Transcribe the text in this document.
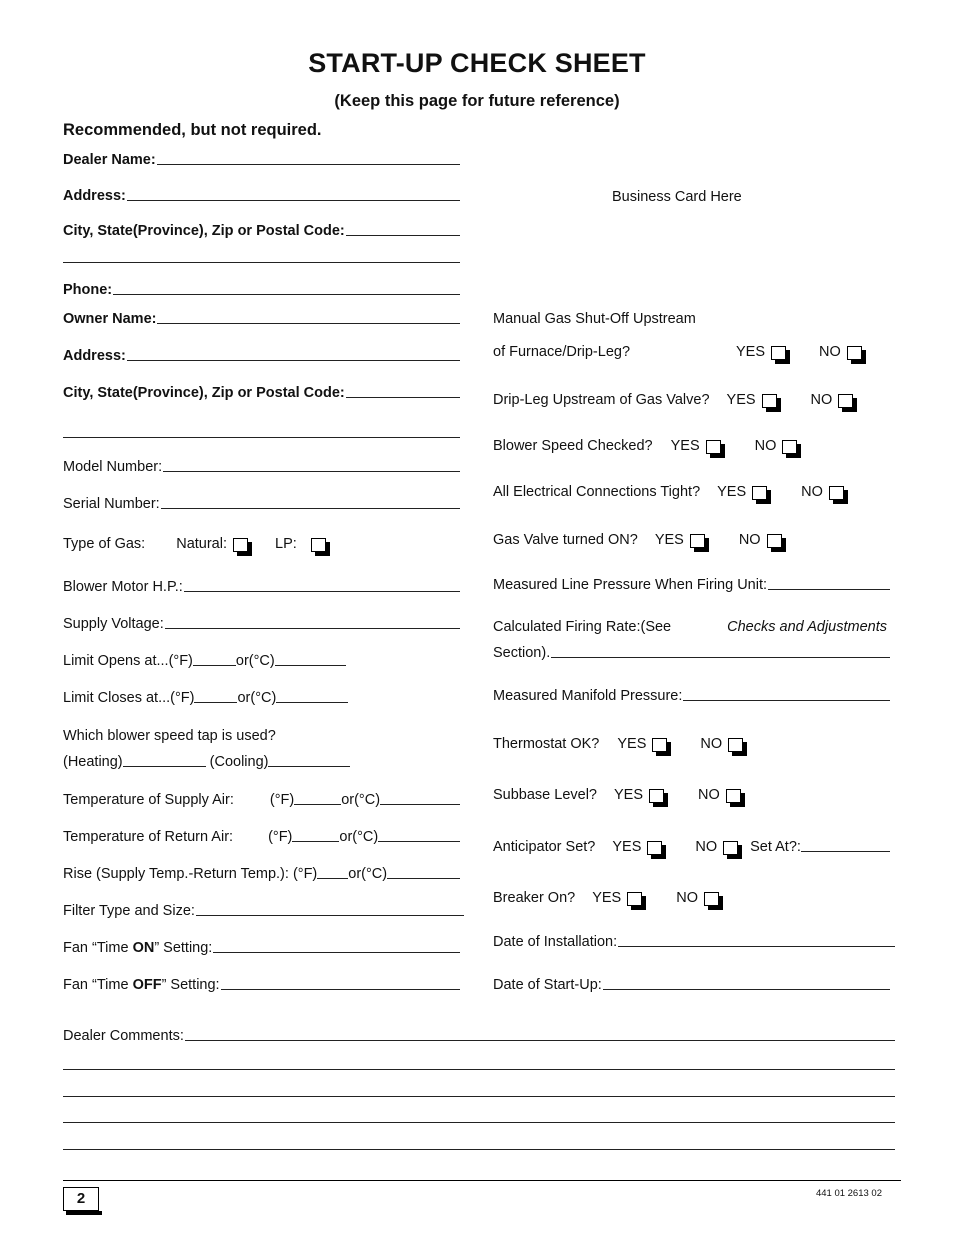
START-UP CHECK SHEET
(Keep this page for future reference)
Recommended, but not required.
Dealer Name:
Address:
City, State(Province), Zip or Postal Code:
Phone:
Owner Name:
Address:
City, State(Province), Zip or Postal Code:
Model Number:
Serial Number:
Type of Gas: Natural:	LP:
Blower Motor H.P.:
Supply Voltage:
Limit Opens at...(°F)	or(°C)
Limit Closes at...(°F)	or(°C)
Which blower speed tap is used?
(Heating)	(Cooling)
Temperature of Supply Air: (°F)	or(°C)
Temperature of Return Air: (°F)	or(°C)
Rise (Supply Temp.-Return Temp.): (°F) or(°C)
Filter Type and Size:
Fan “Time ON” Setting:
Fan “Time OFF” Setting:
Business Card Here
Manual Gas Shut-Off Upstream
of Furnace/Drip-Leg?	YES	NO
Drip-Leg Upstream of Gas Valve? YES	NO
Blower Speed Checked? YES	NO
All Electrical Connections Tight? YES	NO
Gas Valve turned ON? YES	NO
Measured Line Pressure When Firing Unit:
Calculated Firing Rate:(See	Checks and Adjustments
Section).
Measured Manifold Pressure:
Thermostat OK? YES	NO
Subbase Level? YES	NO
Anticipator Set? YES	NO Set At?:
Breaker On? YES	NO
Date of Installation:
Date of Start-Up:
Dealer Comments:
2	441 01 2613 02
